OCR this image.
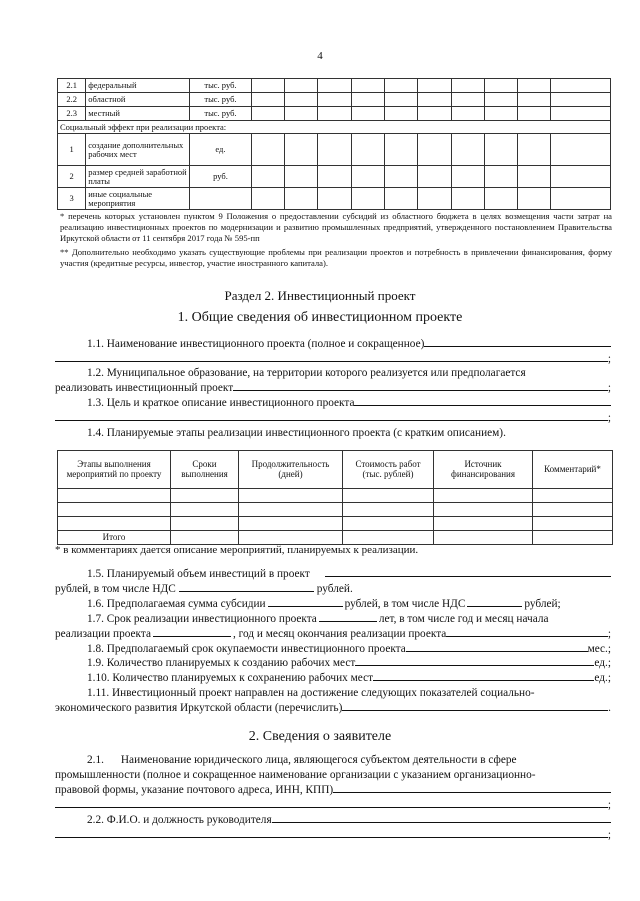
4
2.1	федеральный	тыс. руб.										
2.2	областной	тыс. руб.										
2.3	местный	тыс. руб.										
Социальный эффект при реализации проекта:												
1	создание дополнительных рабочих мест	ед.										
2	размер средней заработной платы	руб.										
3	иные социальные мероприятия											
* перечень которых установлен пунктом 9 Положения о предоставлении субсидий из областного бюджета в целях возмещения части затрат на реализацию инвестиционных проектов по модернизации и развитию промышленных предприятий, утвержденного постановлением Правительства Иркутской области от 11 сентября 2017 года № 595-пп
** Дополнительно необходимо указать существующие проблемы при реализации проектов и потребность в привлечении финансирования, форму участия (кредитные ресурсы, инвестор, участие иностранного капитала).
Раздел 2. Инвестиционный проект
1. Общие сведения об инвестиционном проекте
1.1. Наименование инвестиционного проекта (полное и сокращенное)
;
1.2. Муниципальное образование, на территории которого реализуется или предполагается
реализовать инвестиционный проект	;
1.3. Цель и краткое описание инвестиционного проекта
;
1.4. Планируемые этапы реализации инвестиционного проекта (с кратким описанием).
Этапы выполнения мероприятий по проекту	Сроки выполнения	Продолжительность (дней)	Стоимость работ (тыс. рублей)	Источник финансирования	Комментарий*

Итого					
* в комментариях дается описание мероприятий, планируемых к реализации.
1.5. Планируемый объем инвестиций в проект
рублей, в том числе НДС	рублей.
1.6. Предполагаемая сумма субсидии	рублей, в том числе НДС	рублей;
1.7. Срок реализации инвестиционного проекта	лет, в том числе год и месяц начала
реализации проекта	, год и месяц окончания реализации проекта	;
1.8. Предполагаемый срок окупаемости инвестиционного проекта	мес.;
1.9. Количество планируемых к созданию рабочих мест	ед.;
1.10. Количество планируемых к сохранению рабочих мест	ед.;
1.11. Инвестиционный проект направлен на достижение следующих показателей социально-
экономического развития Иркутской области (перечислить)	.
2. Сведения о заявителе
2.1.      Наименование юридического лица, являющегося субъектом деятельности в сфере
промышленности (полное и сокращенное наименование организации с указанием организационно-
правовой формы, указание почтового адреса, ИНН, КПП)
;
2.2. Ф.И.О. и должность руководителя
;
